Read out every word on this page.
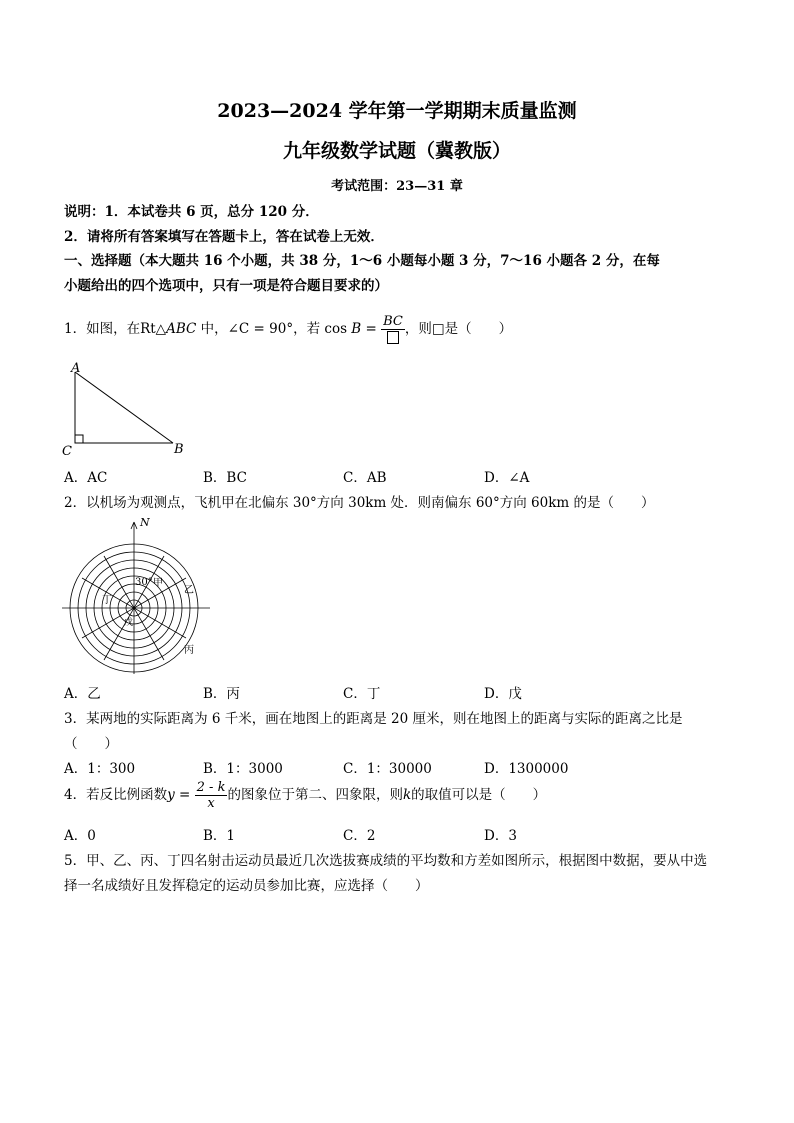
2023—2024 学年第一学期期末质量监测
九年级数学试题（冀教版）
考试范围：23—31 章
说明：1．本试卷共 6 页，总分 120 分．
2．请将所有答案填写在答题卡上，答在试卷上无效．
一、选择题（本大题共 16 个小题，共 38 分，1～6 小题每小题 3 分，7～16 小题各 2 分，在每
小题给出的四个选项中，只有一项是符合题目要求的）
1．如图，在Rt△ABC 中，∠C = 90°，若 cos B = BC ，则□是（　　）
A
C	B
A．AC	B．BC	C．AB	D．∠A
2．以机场为观测点，飞机甲在北偏东 30°方向 30km 处．则南偏东 60°方向 60km 的是（　　）
N
30° 甲
乙
丁
戊
丙
A．乙	B．丙	C．丁	D．戊
3．某两地的实际距离为 6 千米，画在地图上的距离是 20 厘米，则在地图上的距离与实际的距离之比是
（　　）
A．1：300	B．1：3000	C．1：30000	D．1300000
4．若反比例函数$y = \frac{2 - k}{x}$ 的图象位于第二、四象限，则k的取值可以是（　　）
A．0	B．1	C．2	D．3
5．甲、乙、丙、丁四名射击运动员最近几次选拔赛成绩的平均数和方差如图所示，根据图中数据，要从中选
择一名成绩好且发挥稳定的运动员参加比赛，应选择（　　）
